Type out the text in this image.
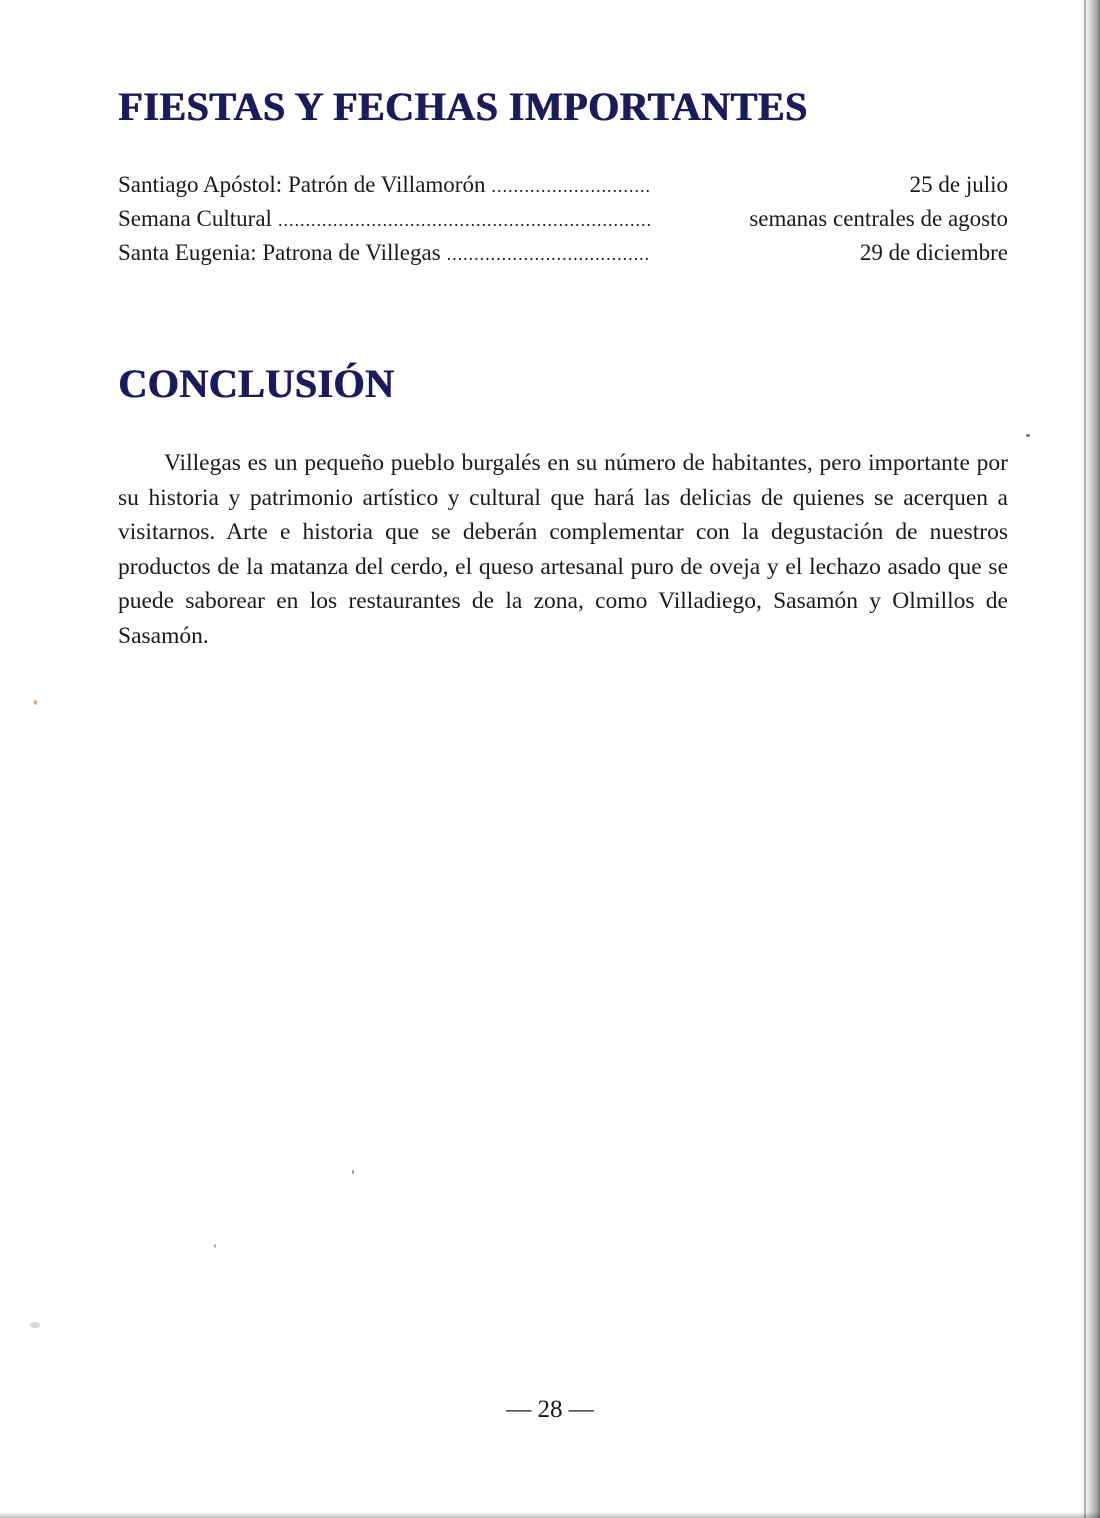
FIESTAS Y FECHAS IMPORTANTES
Santiago Apóstol: Patrón de Villamorón .....	25 de julio
Semana Cultural .....	semanas centrales de agosto
Santa Eugenia: Patrona de Villegas .....	29 de diciembre
CONCLUSIÓN

Villegas es un pequeño pueblo burgalés en su número de habitantes, pero importante por su historia y patrimonio artístico y cultural que hará las delicias de quienes se acerquen a visitarnos. Arte e historia que se deberán complementar con la degustación de nuestros productos de la matanza del cerdo, el queso artesanal puro de oveja y el lechazo asado que se puede saborear en los restaurantes de la zona, como Villadiego, Sasamón y Olmillos de Sasamón.

— 28 —
